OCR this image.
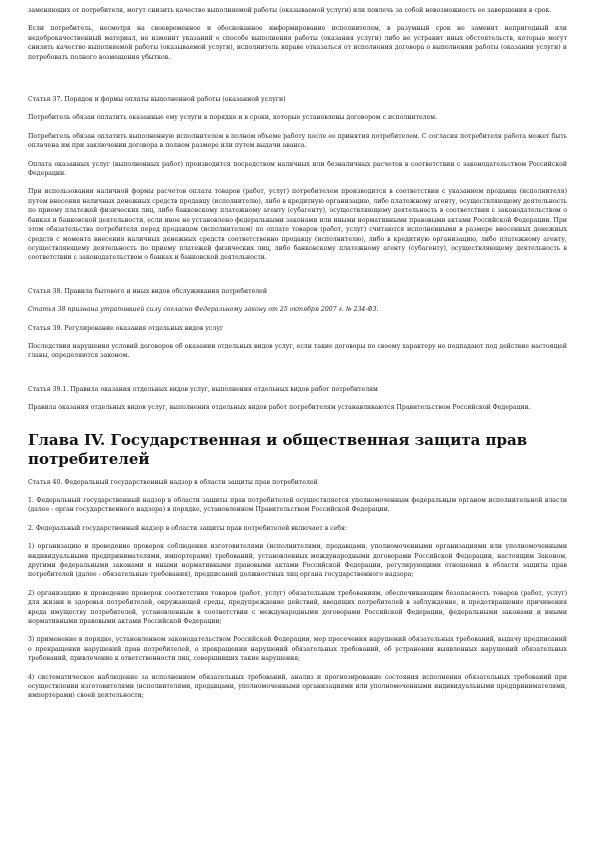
заменяющих от потребителя, могут снизить качество выполняемой работы (оказываемой услуги) или повлечь за собой невозможность ее завершения в срок.

Если потребитель, несмотря на своевременное и обоснованное информирование исполнителем, в разумный срок не заменит непригодный или недоброкачественный материал, не изменит указаний о способе выполнения работы (оказания услуги) либо не устранит иных обстоятельств, которые могут снизить качество выполняемой работы (оказываемой услуги), исполнитель вправе отказаться от исполнения договора о выполнении работы (оказании услуги) и потребовать полного возмещения убытков.

Статья 37. Порядок и формы оплаты выполненной работы (оказанной услуги)

Потребитель обязан оплатить оказанные ему услуги в порядке и в сроки, которые установлены договором с исполнителем.

Потребитель обязан оплатить выполненную исполнителем в полном объеме работу после ее принятия потребителем. С согласия потребителя работа может быть оплачена им при заключении договора в полном размере или путем выдачи аванса.

Оплата оказанных услуг (выполненных работ) производится посредством наличных или безналичных расчетов в соответствии с законодательством Российской Федерации.

При использовании наличной формы расчетов оплата товаров (работ, услуг) потребителем производится в соответствии с указанием продавца (исполнителя) путем внесения наличных денежных средств продавцу (исполнителю), либо в кредитную организацию, либо платежному агенту, осуществляющему деятельность по приему платежей физических лиц, либо банковскому платежному агенту (субагенту), осуществляющему деятельность в соответствии с законодательством о банках и банковской деятельности, если иное не установлено федеральными законами или иными нормативными правовыми актами Российской Федерации. При этом обязательства потребителя перед продавцом (исполнителем) по оплате товаров (работ, услуг) считаются исполненными в размере внесенных денежных средств с момента внесения наличных денежных средств соответственно продавцу (исполнителю), либо в кредитную организацию, либо платежному агенту, осуществляющему деятельность по приему платежей физических лиц, либо банковскому платежному агенту (субагенту), осуществляющему деятельность в соответствии с законодательством о банках и банковской деятельности.

Статья 38. Правила бытового и иных видов обслуживания потребителей

Статья 38 признана утратившей силу согласно Федеральному закону от 25 октября 2007 г. № 234-ФЗ.

Статья 39. Регулирование оказания отдельных видов услуг

Последствия нарушения условий договоров об оказании отдельных видов услуг, если такие договоры по своему характеру не подпадают под действие настоящей главы, определяются законом.

Статья 39.1. Правила оказания отдельных видов услуг, выполнения отдельных видов работ потребителям

Правила оказания отдельных видов услуг, выполнения отдельных видов работ потребителям устанавливаются Правительством Российской Федерации.

Глава IV. Государственная и общественная защита прав потребителей

Статья 40. Федеральный государственный надзор в области защиты прав потребителей

1. Федеральный государственный надзор в области защиты прав потребителей осуществляется уполномоченным федеральным органом исполнительной власти (далее - орган государственного надзора) в порядке, установленном Правительством Российской Федерации.

2. Федеральный государственный надзор в области защиты прав потребителей включает в себя:

1) организацию и проведение проверок соблюдения изготовителями (исполнителями, продавцами, уполномоченными организациями или уполномоченными индивидуальными предпринимателями, импортерами) требований, установленных международными договорами Российской Федерации, настоящим Законом, другими федеральными законами и иными нормативными правовыми актами Российской Федерации, регулирующими отношения в области защиты прав потребителей (далее - обязательные требования), предписаний должностных лиц органа государственного надзора;

2) организацию и проведение проверок соответствия товаров (работ, услуг) обязательным требованиям, обеспечивающим безопасность товаров (работ, услуг) для жизни и здоровья потребителей, окружающей среды, предупреждение действий, вводящих потребителей в заблуждение, и предотвращение причинения вреда имуществу потребителей, установленным в соответствии с международными договорами Российской Федерации, федеральными законами и иными нормативными правовыми актами Российской Федерации;

3) применение в порядке, установленном законодательством Российской Федерации, мер пресечения нарушений обязательных требований, выдачу предписаний о прекращении нарушений прав потребителей, о прекращении нарушений обязательных требований, об устранении выявленных нарушений обязательных требований, привлечение к ответственности лиц, совершивших такие нарушения;

4) систематическое наблюдение за исполнением обязательных требований, анализ и прогнозирование состояния исполнения обязательных требований при осуществлении изготовителями (исполнителями, продавцами, уполномоченными организациями или уполномоченными индивидуальными предпринимателями, импортерами) своей деятельности;
